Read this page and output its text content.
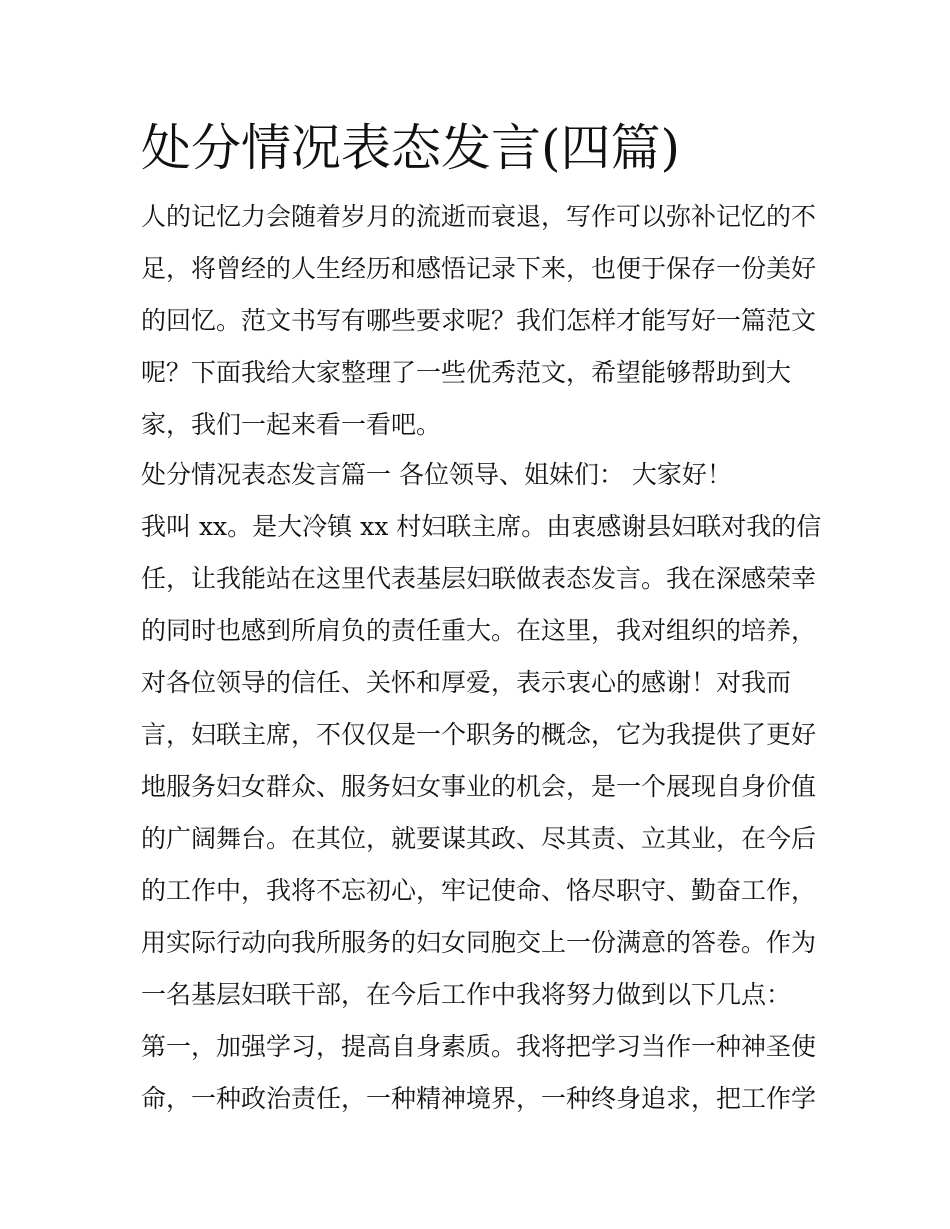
处分情况表态发言(四篇)

人的记忆力会随着岁月的流逝而衰退，写作可以弥补记忆的不

足，将曾经的人生经历和感悟记录下来，也便于保存一份美好

的回忆。范文书写有哪些要求呢？我们怎样才能写好一篇范文

呢？下面我给大家整理了一些优秀范文，希望能够帮助到大

家，我们一起来看一看吧。

处分情况表态发言篇一 各位领导、姐妹们： 大家好！

我叫 xx。是大冷镇 xx 村妇联主席。由衷感谢县妇联对我的信

任，让我能站在这里代表基层妇联做表态发言。我在深感荣幸

的同时也感到所肩负的责任重大。在这里，我对组织的培养，

对各位领导的信任、关怀和厚爱，表示衷心的感谢！对我而

言，妇联主席，不仅仅是一个职务的概念，它为我提供了更好

地服务妇女群众、服务妇女事业的机会，是一个展现自身价值

的广阔舞台。在其位，就要谋其政、尽其责、立其业，在今后

的工作中，我将不忘初心，牢记使命、恪尽职守、勤奋工作，

用实际行动向我所服务的妇女同胞交上一份满意的答卷。作为

一名基层妇联干部，在今后工作中我将努力做到以下几点：

第一，加强学习，提高自身素质。我将把学习当作一种神圣使

命，一种政治责任，一种精神境界，一种终身追求，把工作学
